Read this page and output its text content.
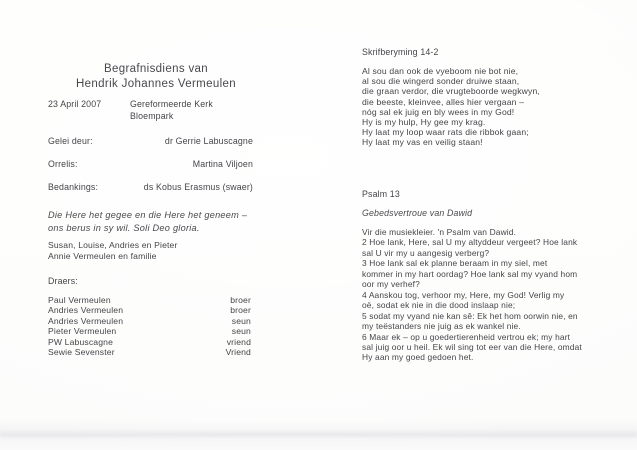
Begrafnisdiens van
Hendrik Johannes Vermeulen
23 April 2007	Gereformeerde Kerk
Bloempark
Gelei deur:	dr Gerrie Labuscagne
Orrelis:	Martina Viljoen
Bedankings:	ds Kobus Erasmus (swaer)
Die Here het gegee en die Here het geneem –
ons berus in sy wil. Soli Deo gloria.
Susan, Louise, Andries en Pieter
Annie Vermeulen en familie
Draers:
Paul Vermeulen	broer
Andries Vermeulen	broer
Andries Vermeulen	seun
Pieter Vermeulen	seun
PW Labuscagne	vriend
Sewie Sevenster	Vriend
Skrifberyming 14-2
Al sou dan ook de vyeboom nie bot nie,
al sou die wingerd sonder druiwe staan,
die graan verdor, die vrugteboorde wegkwyn,
die beeste, kleinvee, alles hier vergaan –
nóg sal ek juig en bly wees in my God!
Hy is my hulp, Hy gee my krag.
Hy laat my loop waar rats die ribbok gaan;
Hy laat my vas en veilig staan!
Psalm 13
Gebedsvertroue van Dawid
Vir die musiekleier. 'n Psalm van Dawid.
2 Hoe lank, Here, sal U my altyddeur vergeet? Hoe lank
sal U vir my u aangesig verberg?
3 Hoe lank sal ek planne beraam in my siel, met
kommer in my hart oordag? Hoe lank sal my vyand hom
oor my verhef?
4 Aanskou tog, verhoor my, Here, my God! Verlig my
oë, sodat ek nie in die dood inslaap nie;
5 sodat my vyand nie kan sê: Ek het hom oorwin nie, en
my teëstanders nie juig as ek wankel nie.
6 Maar ek – op u goedertierenheid vertrou ek; my hart
sal juig oor u heil. Ek wil sing tot eer van die Here, omdat
Hy aan my goed gedoen het.
